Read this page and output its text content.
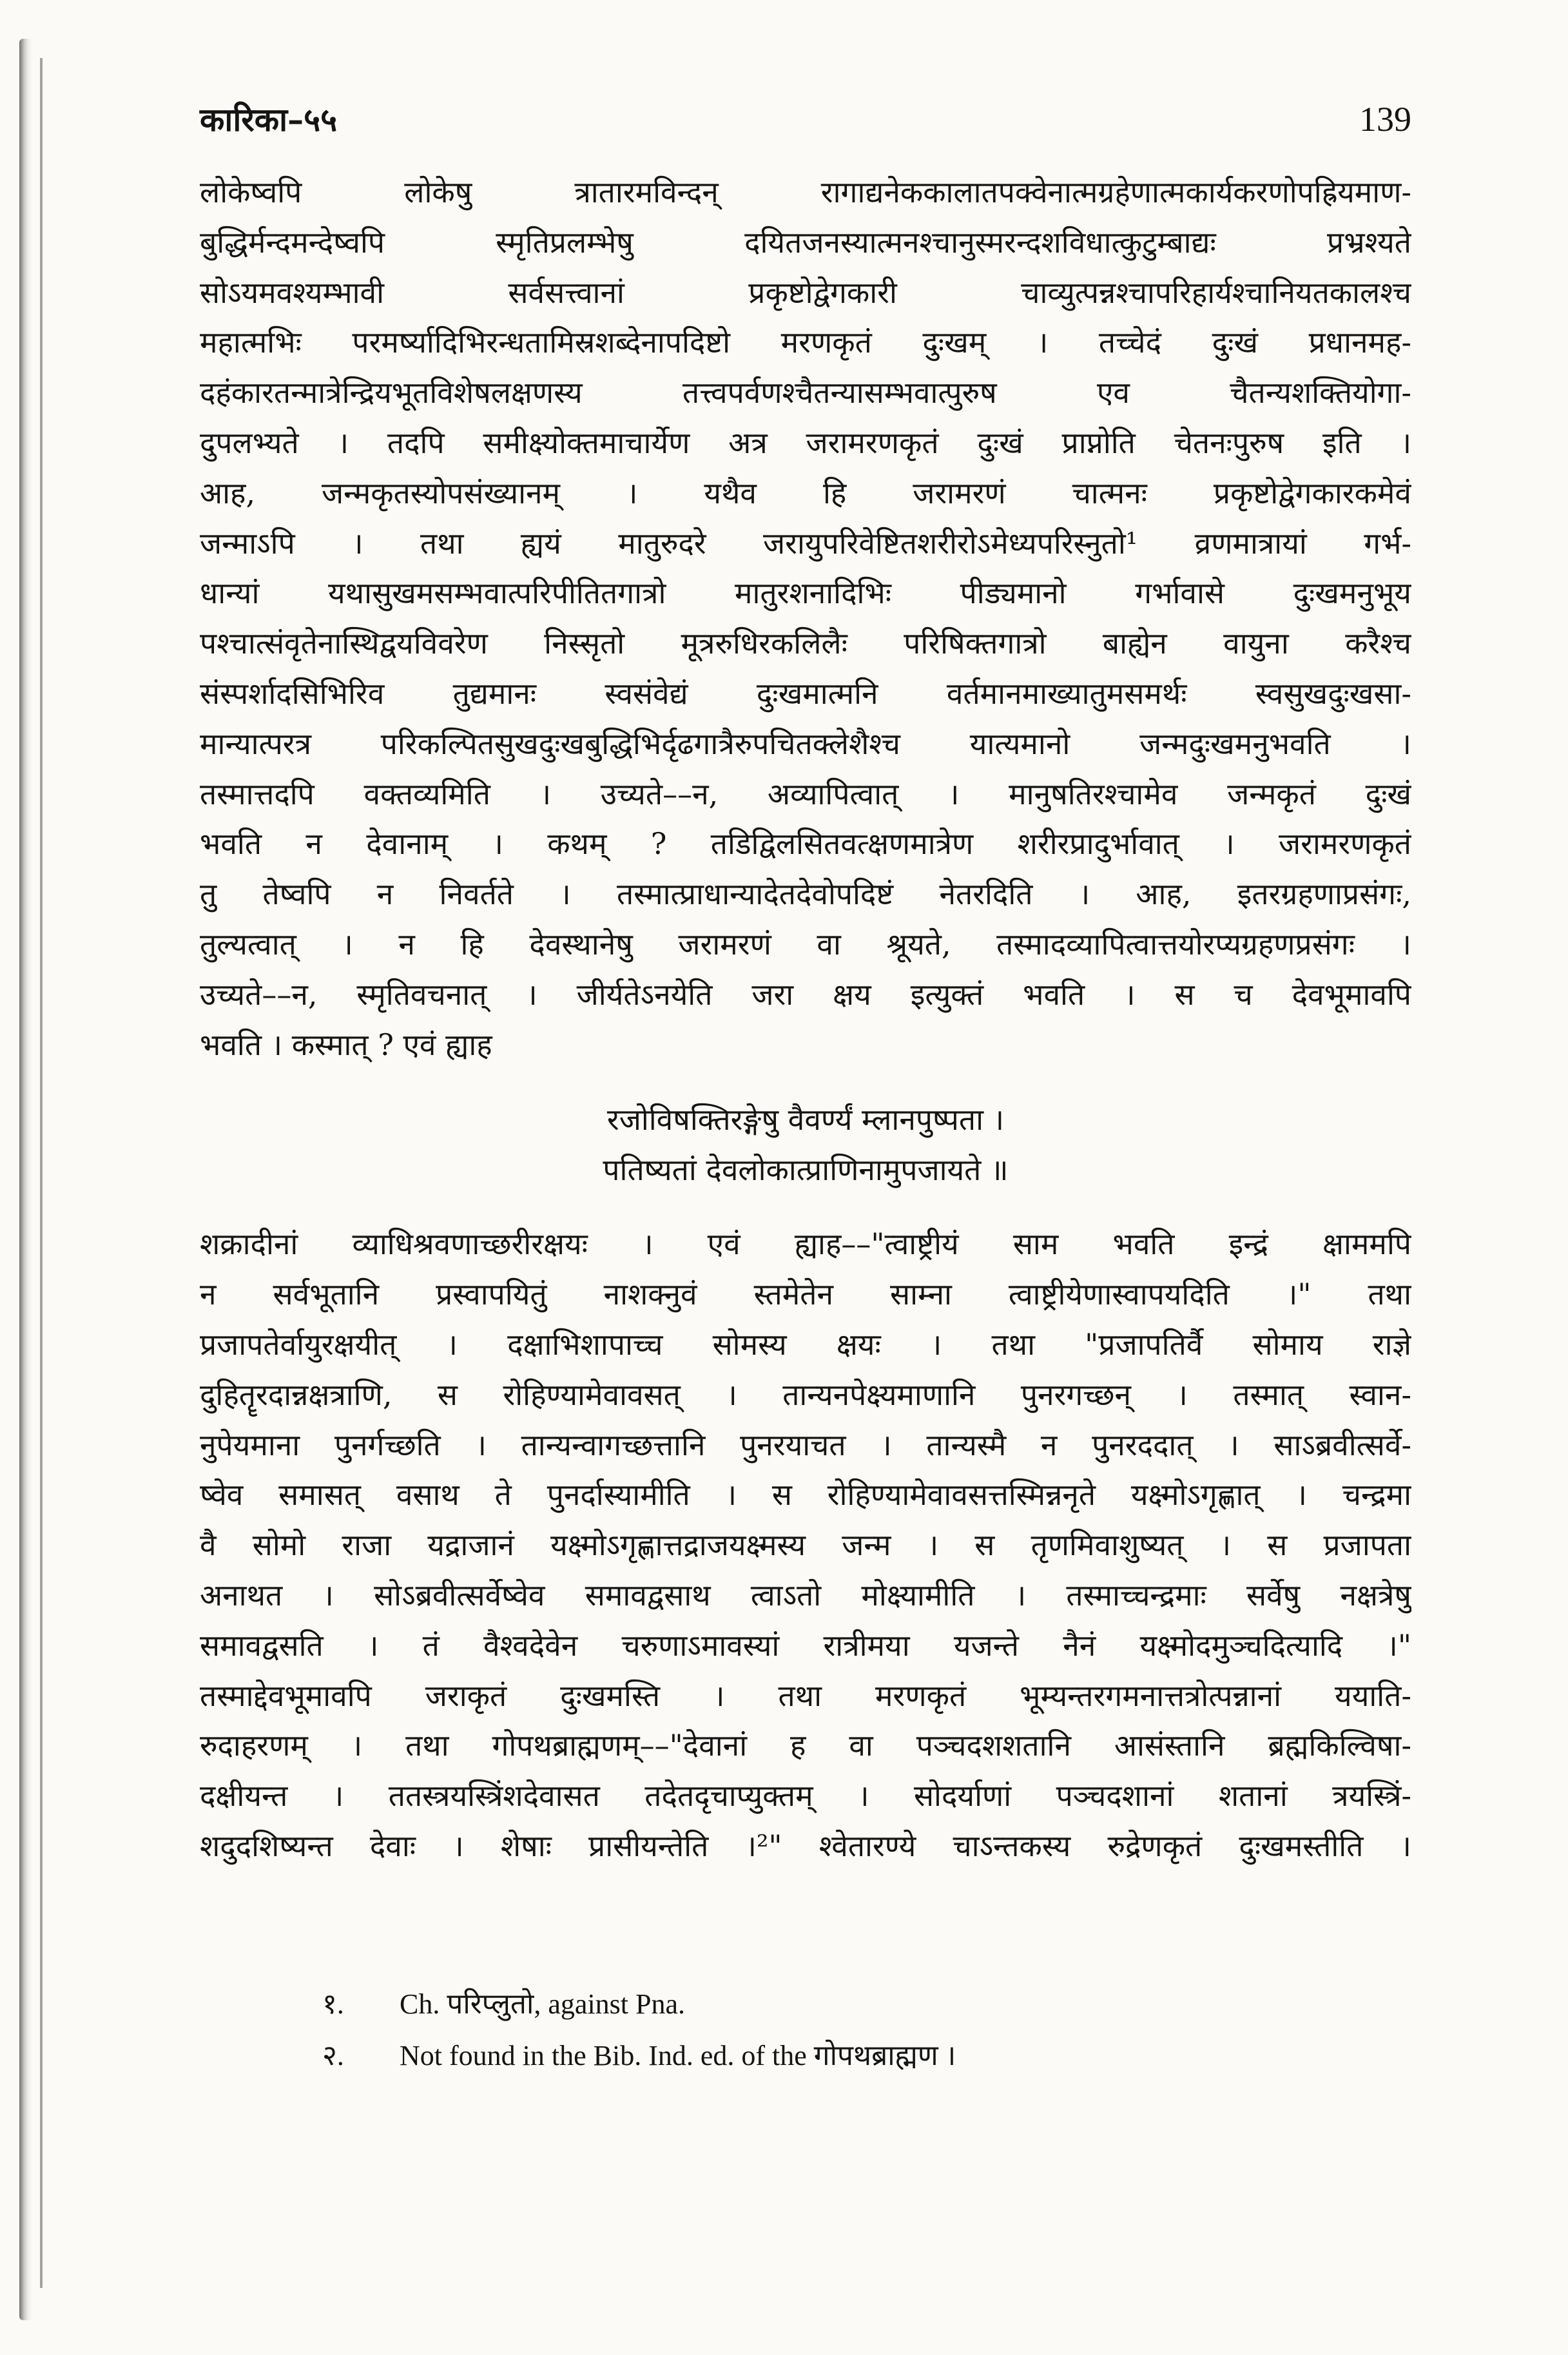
कारिका–५५	139
लोकेष्वपि लोकेषु त्रातारमविन्दन् रागाद्यनेककालातपक्वेनात्मग्रहेणात्मकार्यकरणोपह्रियमाण-
बुद्धिर्मन्दमन्देष्वपि स्मृतिप्रलम्भेषु दयितजनस्यात्मनश्चानुस्मरन्दशविधात्कुटुम्बाद्यः प्रभ्रश्यते
सोऽयमवश्यम्भावी सर्वसत्त्वानां प्रकृष्टोद्वेगकारी चाव्युत्पन्नश्चापरिहार्यश्चानियतकालश्च
महात्मभिः परमर्ष्यादिभिरन्धतामिस्रशब्देनापदिष्टो मरणकृतं दुःखम् । तच्चेदं दुःखं प्रधानमह-
दहंकारतन्मात्रेन्द्रियभूतविशेषलक्षणस्य तत्त्वपर्वणश्चैतन्यासम्भवात्पुरुष एव चैतन्यशक्तियोगा-
दुपलभ्यते । तदपि समीक्ष्योक्तमाचार्येण अत्र जरामरणकृतं दुःखं प्राप्नोति चेतनःपुरुष इति ।
आह, जन्मकृतस्योपसंख्यानम् । यथैव हि जरामरणं चात्मनः प्रकृष्टोद्वेगकारकमेवं
जन्माऽपि । तथा ह्ययं मातुरुदरे जरायुपरिवेष्टितशरीरोऽमेध्यपरिस्नुतो¹ व्रणमात्रायां गर्भ-
धान्यां यथासुखमसम्भवात्परिपीतितगात्रो मातुरशनादिभिः पीड्यमानो गर्भावासे दुःखमनुभूय
पश्चात्संवृतेनास्थिद्वयविवरेण निस्सृतो मूत्ररुधिरकलिलैः परिषिक्तगात्रो बाह्येन वायुना करैश्च
संस्पर्शादसिभिरिव तुद्यमानः स्वसंवेद्यं दुःखमात्मनि वर्तमानमाख्यातुमसमर्थः स्वसुखदुःखसा-
मान्यात्परत्र परिकल्पितसुखदुःखबुद्धिभिर्दृढगात्रैरुपचितक्लेशैश्च यात्यमानो जन्मदुःखमनुभवति ।
तस्मात्तदपि वक्तव्यमिति । उच्यते––न, अव्यापित्वात् । मानुषतिरश्चामेव जन्मकृतं दुःखं
भवति न देवानाम् । कथम् ? तडिद्विलसितवत्क्षणमात्रेण शरीरप्रादुर्भावात् । जरामरणकृतं
तु तेष्वपि न निवर्तते । तस्मात्प्राधान्यादेतदेवोपदिष्टं नेतरदिति । आह, इतरग्रहणाप्रसंगः,
तुल्यत्वात् । न हि देवस्थानेषु जरामरणं वा श्रूयते, तस्मादव्यापित्वात्तयोरप्यग्रहणप्रसंगः ।
उच्यते––न, स्मृतिवचनात् । जीर्यतेऽनयेति जरा क्षय इत्युक्तं भवति । स च देवभूमावपि
भवति । कस्मात् ? एवं ह्याह
रजोविषक्तिरङ्गेषु वैवर्ण्यं म्लानपुष्पता ।
पतिष्यतां देवलोकात्प्राणिनामुपजायते ॥
शक्रादीनां व्याधिश्रवणाच्छरीरक्षयः । एवं ह्याह––"त्वाष्ट्रीयं साम भवति इन्द्रं क्षाममपि
न सर्वभूतानि प्रस्वापयितुं नाशक्नुवं स्तमेतेन साम्ना त्वाष्ट्रीयेणास्वापयदिति ।" तथा
प्रजापतेर्वायुरक्षयीत् । दक्षाभिशापाच्च सोमस्य क्षयः । तथा "प्रजापतिर्वै सोमाय राज्ञे
दुहितॄरदान्नक्षत्राणि, स रोहिण्यामेवावसत् । तान्यनपेक्ष्यमाणानि पुनरगच्छन् । तस्मात् स्वान-
नुपेयमाना पुनर्गच्छति । तान्यन्वागच्छत्तानि पुनरयाचत । तान्यस्मै न पुनरददात् । साऽब्रवीत्सर्वे-
ष्वेव समासत् वसाथ ते पुनर्दास्यामीति । स रोहिण्यामेवावसत्तस्मिन्ननृते यक्ष्मोऽगृह्णात् । चन्द्रमा
वै सोमो राजा यद्राजानं यक्ष्मोऽगृह्णात्तद्राजयक्ष्मस्य जन्म । स तृणमिवाशुष्यत् । स प्रजापता
अनाथत । सोऽब्रवीत्सर्वेष्वेव समावद्वसाथ त्वाऽतो मोक्ष्यामीति । तस्माच्चन्द्रमाः सर्वेषु नक्षत्रेषु
समावद्वसति । तं वैश्वदेवेन चरुणाऽमावस्यां रात्रीमया यजन्ते नैनं यक्ष्मोदमुञ्चदित्यादि ।"
तस्माद्देवभूमावपि जराकृतं दुःखमस्ति । तथा मरणकृतं भूम्यन्तरगमनात्तत्रोत्पन्नानां ययाति-
रुदाहरणम् । तथा गोपथब्राह्मणम्––"देवानां ह वा पञ्चदशशतानि आसंस्तानि ब्रह्मकिल्विषा-
दक्षीयन्त । ततस्त्रयस्त्रिंशदेवासत तदेतदृचाप्युक्तम् । सोदर्याणां पञ्चदशानां शतानां त्रयस्त्रिं-
शदुदशिष्यन्त देवाः । शेषाः प्रासीयन्तेति ।²" श्वेतारण्ये चाऽन्तकस्य रुद्रेणकृतं दुःखमस्तीति ।
१. Ch. परिप्लुतो, against Pna.
२. Not found in the Bib. Ind. ed. of the गोपथब्राह्मण ।
